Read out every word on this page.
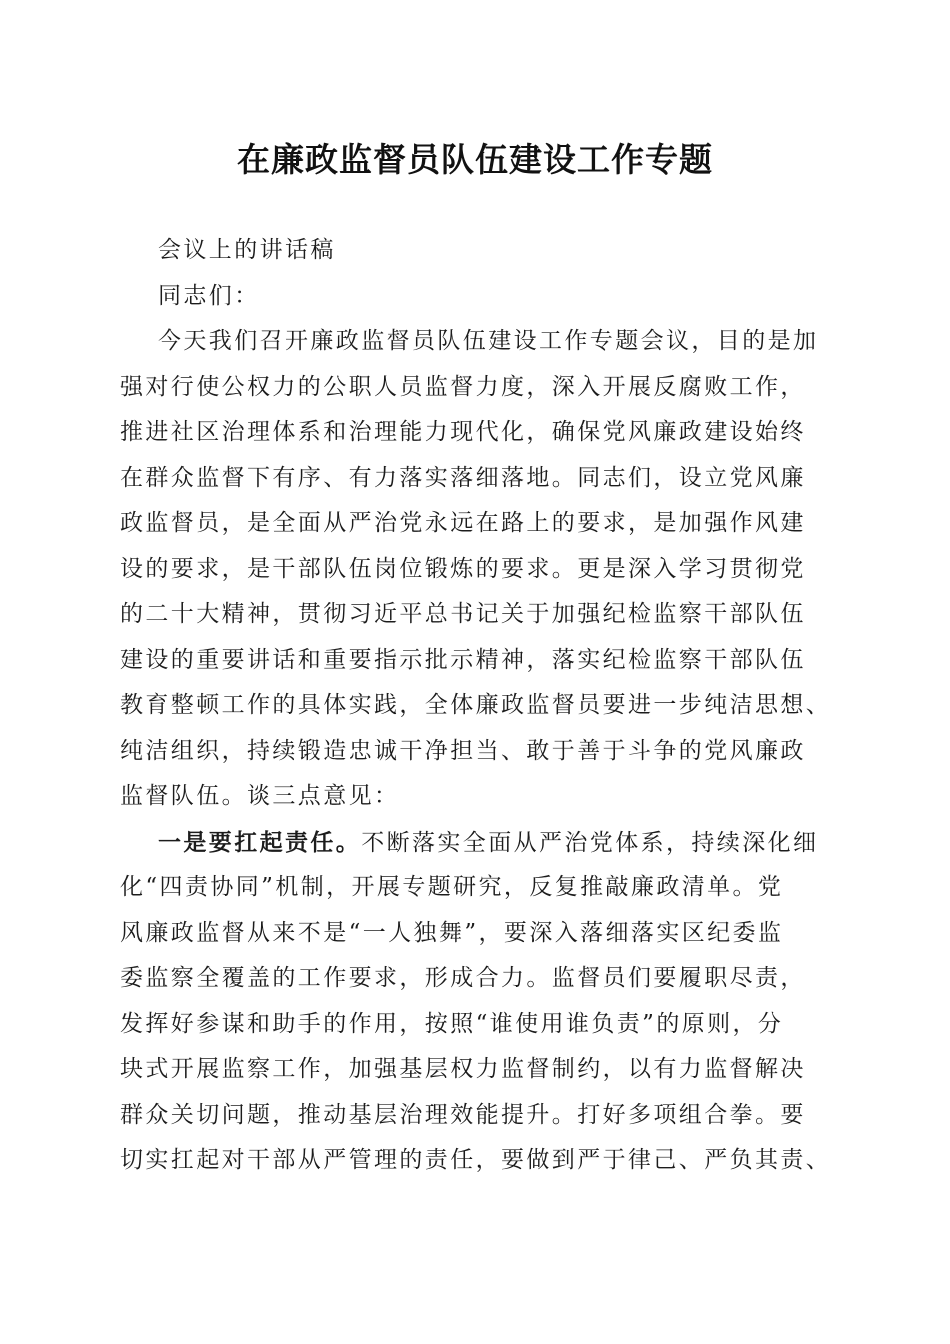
在廉政监督员队伍建设工作专题
会议上的讲话稿
同志们：
今天我们召开廉政监督员队伍建设工作专题会议，目的是加
强对行使公权力的公职人员监督力度，深入开展反腐败工作，
推进社区治理体系和治理能力现代化，确保党风廉政建设始终
在群众监督下有序、有力落实落细落地。同志们，设立党风廉
政监督员，是全面从严治党永远在路上的要求，是加强作风建
设的要求，是干部队伍岗位锻炼的要求。更是深入学习贯彻党
的二十大精神，贯彻习近平总书记关于加强纪检监察干部队伍
建设的重要讲话和重要指示批示精神，落实纪检监察干部队伍
教育整顿工作的具体实践，全体廉政监督员要进一步纯洁思想、
纯洁组织，持续锻造忠诚干净担当、敢于善于斗争的党风廉政
监督队伍。谈三点意见：
一是要扛起责任。不断落实全面从严治党体系，持续深化细
化“四责协同”机制，开展专题研究，反复推敲廉政清单。党
风廉政监督从来不是“一人独舞”，要深入落细落实区纪委监
委监察全覆盖的工作要求，形成合力。监督员们要履职尽责，
发挥好参谋和助手的作用，按照“谁使用谁负责”的原则，分
块式开展监察工作，加强基层权力监督制约，以有力监督解决
群众关切问题，推动基层治理效能提升。打好多项组合拳。要
切实扛起对干部从严管理的责任，要做到严于律己、严负其责、
